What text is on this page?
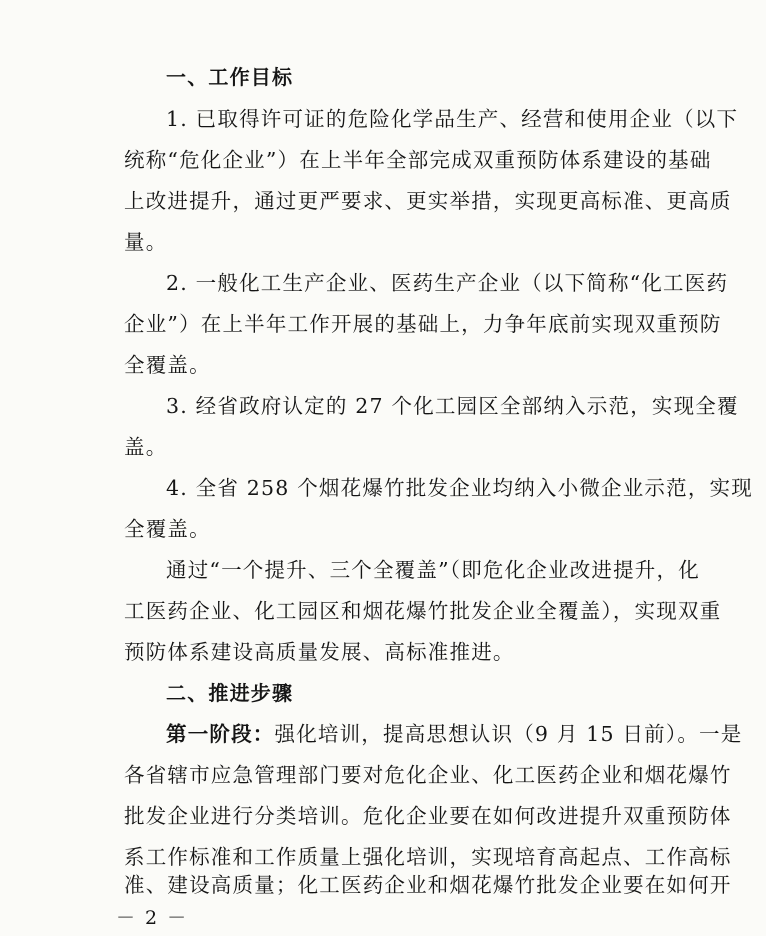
一、工作目标
1. 已取得许可证的危险化学品生产、经营和使用企业（以下
统称“危化企业”）在上半年全部完成双重预防体系建设的基础
上改进提升，通过更严要求、更实举措，实现更高标准、更高质
量。
2. 一般化工生产企业、医药生产企业（以下简称“化工医药
企业”）在上半年工作开展的基础上，力争年底前实现双重预防
全覆盖。
3. 经省政府认定的 27 个化工园区全部纳入示范，实现全覆
盖。
4. 全省 258 个烟花爆竹批发企业均纳入小微企业示范，实现
全覆盖。
通过“一个提升、三个全覆盖”（即危化企业改进提升，化
工医药企业、化工园区和烟花爆竹批发企业全覆盖），实现双重
预防体系建设高质量发展、高标准推进。
二、推进步骤
第一阶段：强化培训，提高思想认识（9 月 15 日前）。一是
各省辖市应急管理部门要对危化企业、化工医药企业和烟花爆竹
批发企业进行分类培训。危化企业要在如何改进提升双重预防体
系工作标准和工作质量上强化培训，实现培育高起点、工作高标
准、建设高质量；化工医药企业和烟花爆竹批发企业要在如何开
－ 2 －
